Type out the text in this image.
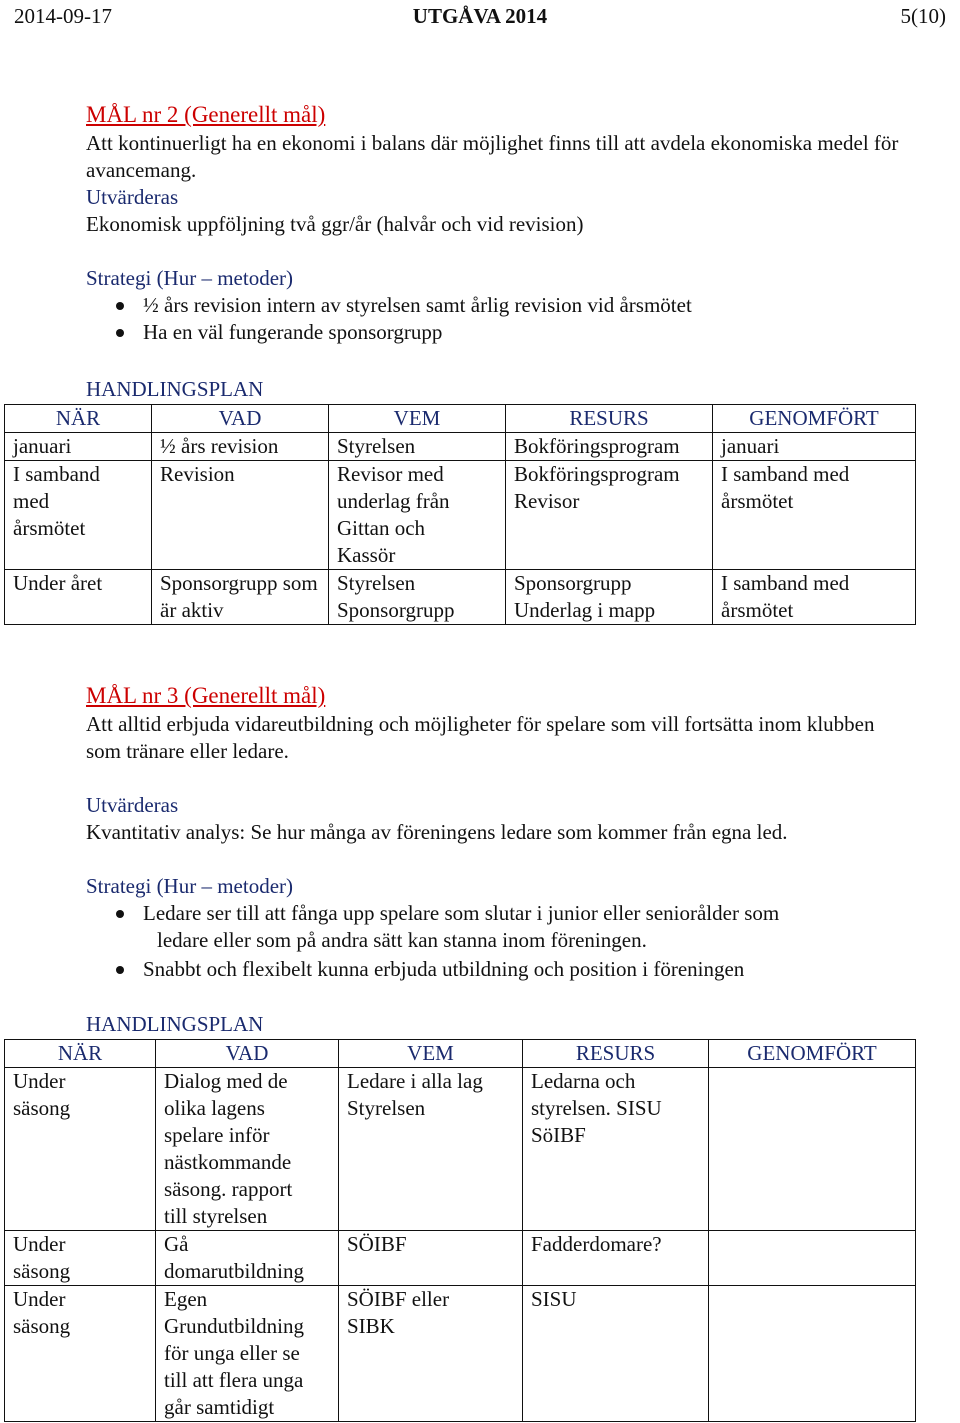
2014-09-17	UTGÅVA 2014	5(10)
MÅL nr 2 (Generellt mål)
Att kontinuerligt ha en ekonomi i balans där möjlighet finns till att avdela ekonomiska medel för avancemang.
Utvärderas
Ekonomisk uppföljning två ggr/år (halvår och vid revision)
Strategi (Hur – metoder)
½ års revision intern av styrelsen samt årlig revision vid årsmötet
Ha en väl fungerande sponsorgrupp
HANDLINGSPLAN
NÄR	VAD	VEM	RESURS	GENOMFÖRT
januari	½ års revision	Styrelsen	Bokföringsprogram	januari
I samband med årsmötet	Revision	Revisor med underlag från Gittan och Kassör	Bokföringsprogram Revisor	I samband med årsmötet
Under året	Sponsorgrupp som är aktiv	Styrelsen Sponsorgrupp	Sponsorgrupp Underlag i mapp	I samband med årsmötet
MÅL nr 3 (Generellt mål)
Att alltid erbjuda vidareutbildning och möjligheter för spelare som vill fortsätta inom klubben som tränare eller ledare.
Utvärderas
Kvantitativ analys: Se hur många av föreningens ledare som kommer från egna led.
Strategi (Hur – metoder)
Ledare ser till att fånga upp spelare som slutar i junior eller seniorålder som
ledare eller som på andra sätt kan stanna inom föreningen.
Snabbt och flexibelt kunna erbjuda utbildning och position i föreningen
HANDLINGSPLAN
NÄR	VAD	VEM	RESURS	GENOMFÖRT
Under säsong	Dialog med de olika lagens spelare inför nästkommande säsong. rapport till styrelsen	Ledare i alla lag Styrelsen	Ledarna och styrelsen. SISU SöIBF	
Under säsong	Gå domarutbildning	SÖIBF	Fadderdomare?	
Under säsong	Egen Grundutbildning för unga eller se till att flera unga går samtidigt	SÖIBF eller SIBK	SISU	
